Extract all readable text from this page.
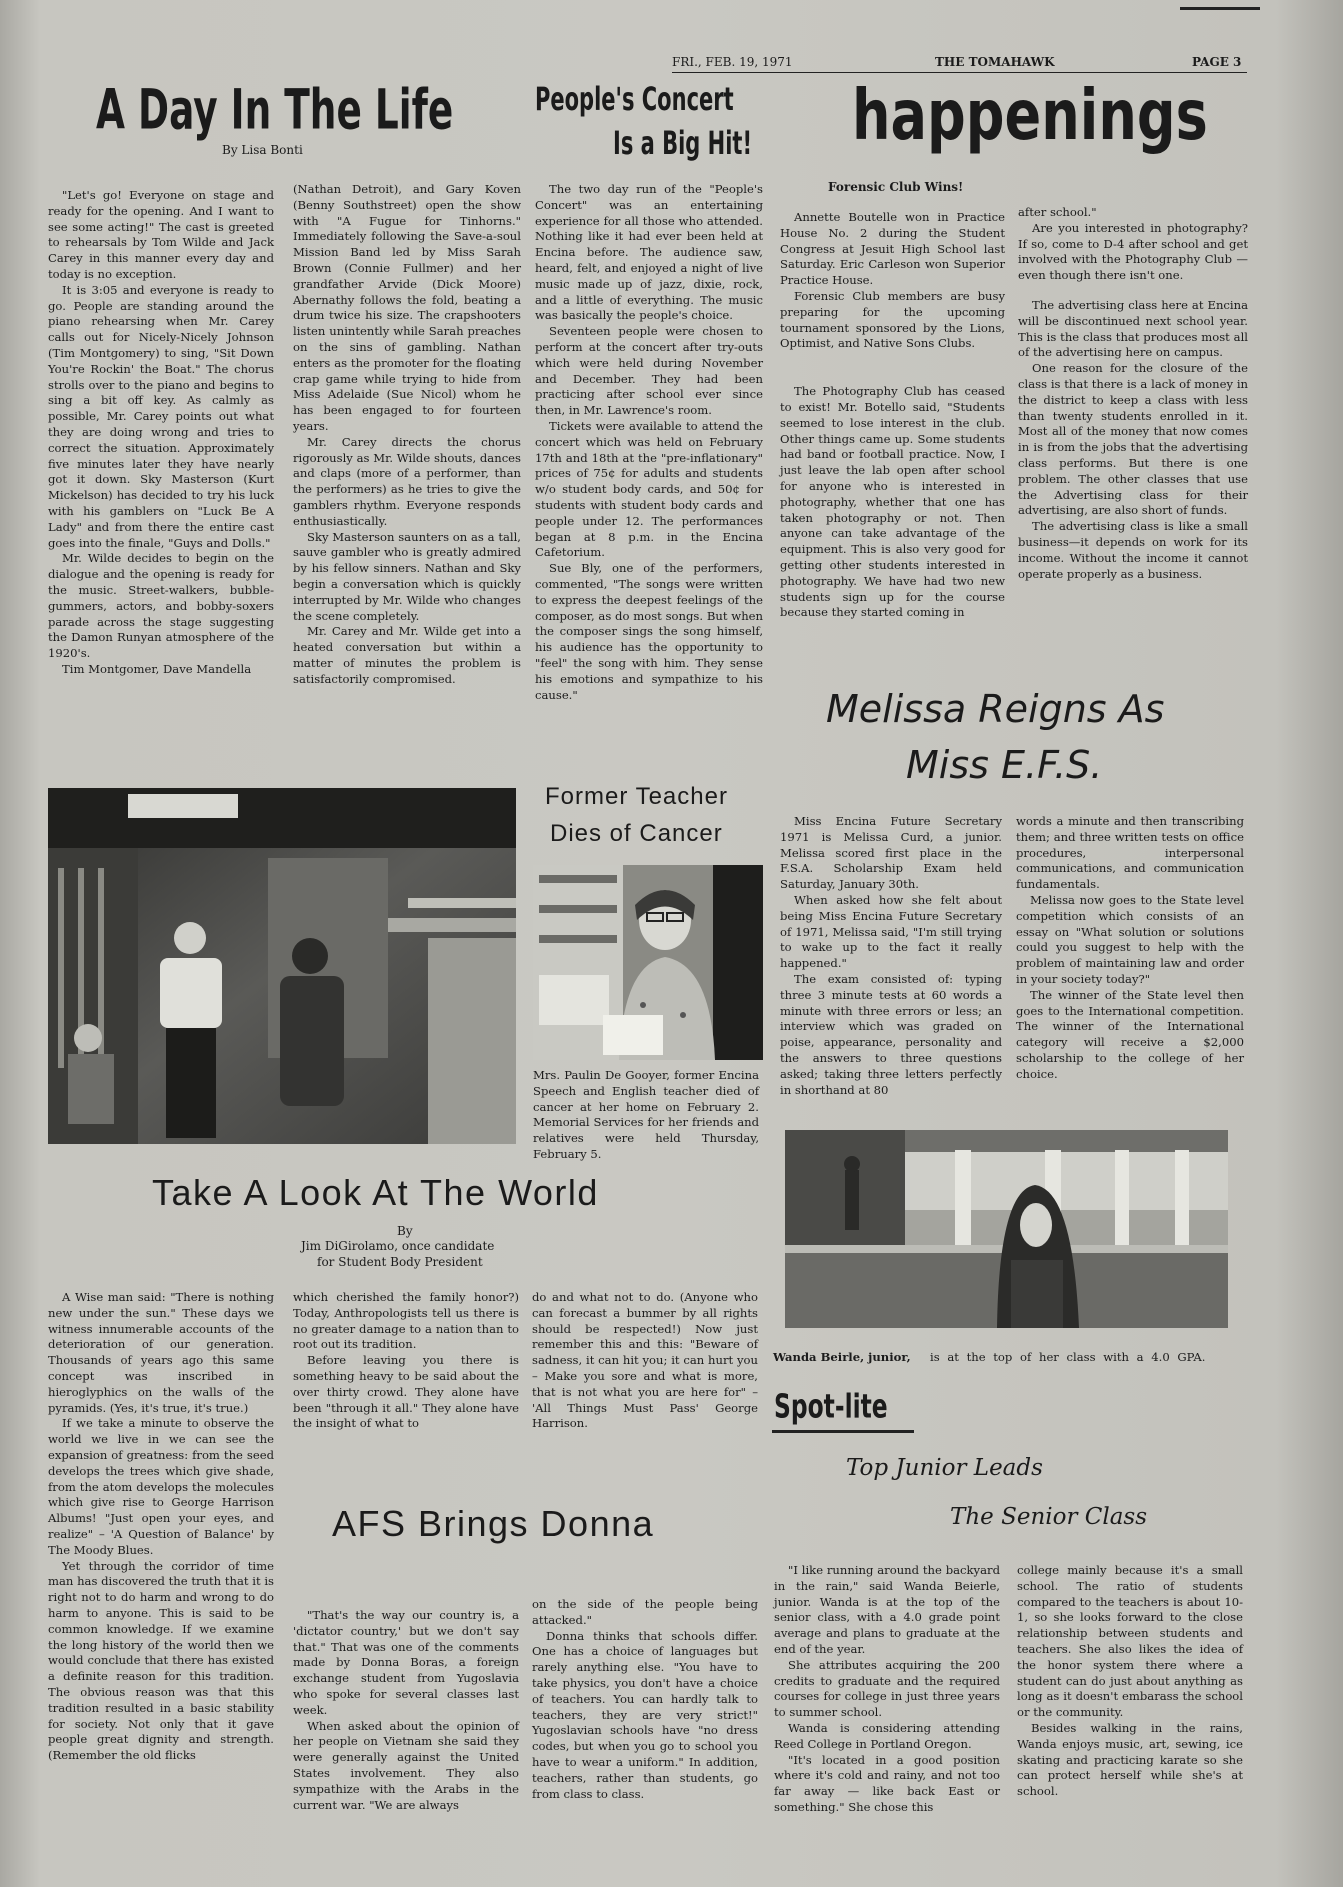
FRI., FEB. 19, 1971	THE TOMAHAWK	PAGE 3
A Day In The Life
By Lisa Bonti

"Let's go! Everyone on stage and ready for the opening. And I want to see some acting!" The cast is greeted to rehearsals by Tom Wilde and Jack Carey in this manner every day and today is no exception.

It is 3:05 and everyone is ready to go. People are standing around the piano rehearsing when Mr. Carey calls out for Nicely-Nicely Johnson (Tim Montgomery) to sing, "Sit Down You're Rockin' the Boat." The chorus strolls over to the piano and begins to sing a bit off key. As calmly as possible, Mr. Carey points out what they are doing wrong and tries to correct the situation. Approximately five minutes later they have nearly got it down. Sky Masterson (Kurt Mickelson) has decided to try his luck with his gamblers on "Luck Be A Lady" and from there the entire cast goes into the finale, "Guys and Dolls."

Mr. Wilde decides to begin on the dialogue and the opening is ready for the music. Street-walkers, bubble-gummers, actors, and bobby-soxers parade across the stage suggesting the Damon Runyan atmosphere of the 1920's.

Tim Montgomer, Dave Mandella

(Nathan Detroit), and Gary Koven (Benny Southstreet) open the show with "A Fugue for Tinhorns." Immediately following the Save-a-soul Mission Band led by Miss Sarah Brown (Connie Fullmer) and her grandfather Arvide (Dick Moore) Abernathy follows the fold, beating a drum twice his size. The crapshooters listen unintently while Sarah preaches on the sins of gambling. Nathan enters as the promoter for the floating crap game while trying to hide from Miss Adelaide (Sue Nicol) whom he has been engaged to for fourteen years.

Mr. Carey directs the chorus rigorously as Mr. Wilde shouts, dances and claps (more of a performer, than the performers) as he tries to give the gamblers rhythm. Everyone responds enthusiastically.

Sky Masterson saunters on as a tall, sauve gambler who is greatly admired by his fellow sinners. Nathan and Sky begin a conversation which is quickly interrupted by Mr. Wilde who changes the scene completely.

Mr. Carey and Mr. Wilde get into a heated conversation but within a matter of minutes the problem is satisfactorily compromised.

People's Concert
Is a Big Hit!

The two day run of the "People's Concert" was an entertaining experience for all those who attended. Nothing like it had ever been held at Encina before. The audience saw, heard, felt, and enjoyed a night of live music made up of jazz, dixie, rock, and a little of everything. The music was basically the people's choice.

Seventeen people were chosen to perform at the concert after try-outs which were held during November and December. They had been practicing after school ever since then, in Mr. Lawrence's room.

Tickets were available to attend the concert which was held on February 17th and 18th at the "pre-inflationary" prices of 75¢ for adults and students w/o student body cards, and 50¢ for students with student body cards and people under 12. The performances began at 8 p.m. in the Encina Cafetorium.

Sue Bly, one of the performers, commented, "The songs were written to express the deepest feelings of the composer, as do most songs. But when the composer sings the song himself, his audience has the opportunity to "feel" the song with him. They sense his emotions and sympathize to his cause."

happenings
Forensic Club Wins!

Annette Boutelle won in Practice House No. 2 during the Student Congress at Jesuit High School last Saturday. Eric Carleson won Superior Practice House.

Forensic Club members are busy preparing for the upcoming tournament sponsored by the Lions, Optimist, and Native Sons Clubs.

The Photography Club has ceased to exist! Mr. Botello said, "Students seemed to lose interest in the club. Other things came up. Some students had band or football practice. Now, I just leave the lab open after school for anyone who is interested in photography, whether that one has taken photography or not. Then anyone can take advantage of the equipment. This is also very good for getting other students interested in photography. We have had two new students sign up for the course because they started coming in

after school."

Are you interested in photography? If so, come to D-4 after school and get involved with the Photography Club — even though there isn't one.

The advertising class here at Encina will be discontinued next school year. This is the class that produces most all of the advertising here on campus.

One reason for the closure of the class is that there is a lack of money in the district to keep a class with less than twenty students enrolled in it. Most all of the money that now comes in is from the jobs that the advertising class performs. But there is one problem. The other classes that use the Advertising class for their advertising, are also short of funds.

The advertising class is like a small business—it depends on work for its income. Without the income it cannot operate properly as a business.

Melissa Reigns As
Miss E.F.S.

Miss Encina Future Secretary 1971 is Melissa Curd, a junior. Melissa scored first place in the F.S.A. Scholarship Exam held Saturday, January 30th.

When asked how she felt about being Miss Encina Future Secretary of 1971, Melissa said, "I'm still trying to wake up to the fact it really happened."

The exam consisted of: typing three 3 minute tests at 60 words a minute with three errors or less; an interview which was graded on poise, appearance, personality and the answers to three questions asked; taking three letters perfectly in shorthand at 80

words a minute and then transcribing them; and three written tests on office procedures, interpersonal communications, and communication fundamentals.

Melissa now goes to the State level competition which consists of an essay on "What solution or solutions could you suggest to help with the problem of maintaining law and order in your society today?"

The winner of the State level then goes to the International competition. The winner of the International category will receive a $2,000 scholarship to the college of her choice.

Former Teacher
Dies of Cancer
Mrs. Paulin De Gooyer, former Encina Speech and English teacher died of cancer at her home on February 2. Memorial Services for her friends and relatives were held Thursday, February 5.
Take A Look At The World
By
Jim DiGirolamo, once candidate
for Student Body President

A Wise man said: "There is nothing new under the sun." These days we witness innumerable accounts of the deterioration of our generation. Thousands of years ago this same concept was inscribed in hieroglyphics on the walls of the pyramids. (Yes, it's true, it's true.)

If we take a minute to observe the world we live in we can see the expansion of greatness: from the seed develops the trees which give shade, from the atom develops the molecules which give rise to George Harrison Albums! "Just open your eyes, and realize" – 'A Question of Balance' by The Moody Blues.

Yet through the corridor of time man has discovered the truth that it is right not to do harm and wrong to do harm to anyone. This is said to be common knowledge. If we examine the long history of the world then we would conclude that there has existed a definite reason for this tradition. The obvious reason was that this tradition resulted in a basic stability for society. Not only that it gave people great dignity and strength. (Remember the old flicks

which cherished the family honor?) Today, Anthropologists tell us there is no greater damage to a nation than to root out its tradition.

Before leaving you there is something heavy to be said about the over thirty crowd. They alone have been "through it all." They alone have the insight of what to

do and what not to do. (Anyone who can forecast a bummer by all rights should be respected!) Now just remember this and this: "Beware of sadness, it can hit you; it can hurt you – Make you sore and what is more, that is not what you are here for" – 'All Things Must Pass' George Harrison.

AFS Brings Donna

"That's the way our country is, a 'dictator country,' but we don't say that." That was one of the comments made by Donna Boras, a foreign exchange student from Yugoslavia who spoke for several classes last week.

When asked about the opinion of her people on Vietnam she said they were generally against the United States involvement. They also sympathize with the Arabs in the current war. "We are always

on the side of the people being attacked."

Donna thinks that schools differ. One has a choice of languages but rarely anything else. "You have to take physics, you don't have a choice of teachers. You can hardly talk to teachers, they are very strict!" Yugoslavian schools have "no dress codes, but when you go to school you have to wear a uniform." In addition, teachers, rather than students, go from class to class.

Wanda Beirle, junior, is at the top of her class with a 4.0 GPA.
Spot-lite
Top Junior Leads
The Senior Class

"I like running around the backyard in the rain," said Wanda Beierle, junior. Wanda is at the top of the senior class, with a 4.0 grade point average and plans to graduate at the end of the year.

She attributes acquiring the 200 credits to graduate and the required courses for college in just three years to summer school.

Wanda is considering attending Reed College in Portland Oregon.

"It's located in a good position where it's cold and rainy, and not too far away — like back East or something." She chose this

college mainly because it's a small school. The ratio of students compared to the teachers is about 10-1, so she looks forward to the close relationship between students and teachers. She also likes the idea of the honor system there where a student can do just about anything as long as it doesn't embarass the school or the community.

Besides walking in the rains, Wanda enjoys music, art, sewing, ice skating and practicing karate so she can protect herself while she's at school.
